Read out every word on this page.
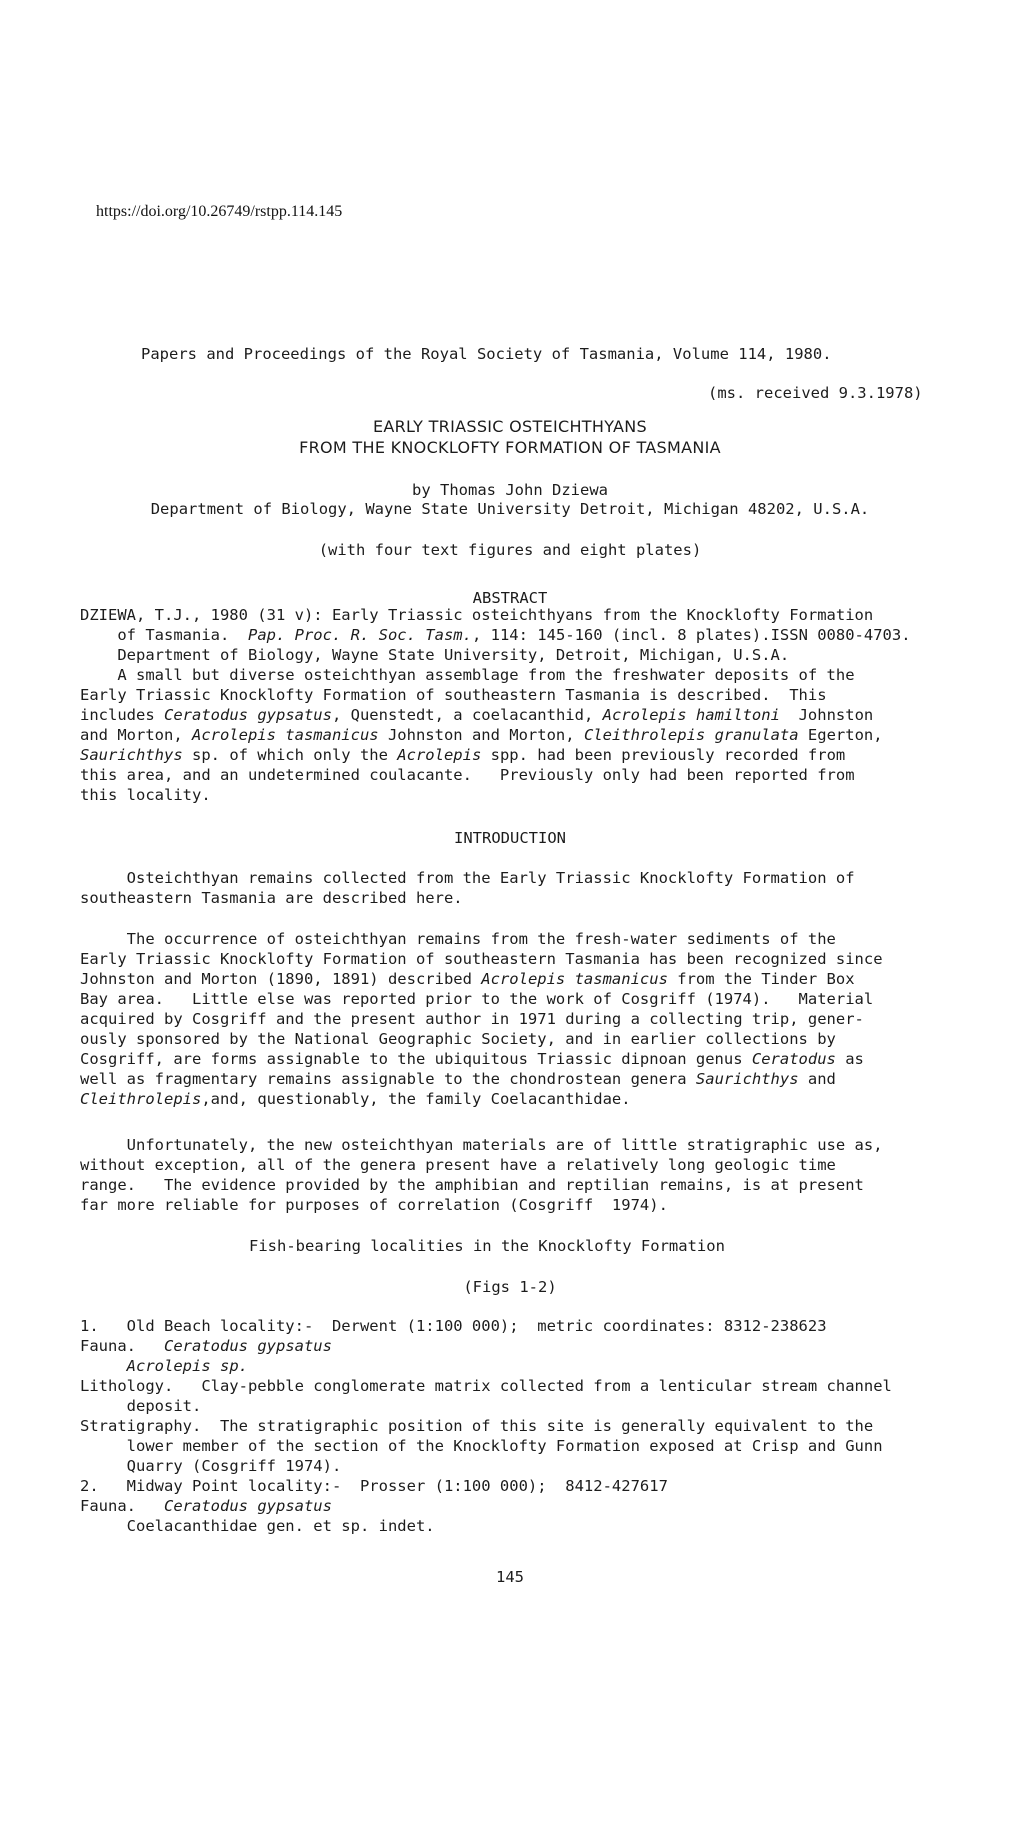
https://doi.org/10.26749/rstpp.114.145
Papers and Proceedings of the Royal Society of Tasmania, Volume 114, 1980.
(ms. received 9.3.1978)
EARLY TRIASSIC OSTEICHTHYANS
FROM THE KNOCKLOFTY FORMATION OF TASMANIA
by Thomas John Dziewa
Department of Biology, Wayne State University Detroit, Michigan 48202, U.S.A.
(with four text figures and eight plates)
ABSTRACT
DZIEWA, T.J., 1980 (31 v): Early Triassic osteichthyans from the Knocklofty Formation
of Tasmania.  Pap. Proc. R. Soc. Tasm., 114: 145-160 (incl. 8 plates).ISSN 0080-4703.
Department of Biology, Wayne State University, Detroit, Michigan, U.S.A.
A small but diverse osteichthyan assemblage from the freshwater deposits of the
Early Triassic Knocklofty Formation of southeastern Tasmania is described.  This
includes Ceratodus gypsatus, Quenstedt, a coelacanthid, Acrolepis hamiltoni  Johnston
and Morton, Acrolepis tasmanicus Johnston and Morton, Cleithrolepis granulata Egerton,
Saurichthys sp. of which only the Acrolepis spp. had been previously recorded from
this area, and an undetermined coulacante.   Previously only had been reported from
this locality.
INTRODUCTION
Osteichthyan remains collected from the Early Triassic Knocklofty Formation of
southeastern Tasmania are described here.
The occurrence of osteichthyan remains from the fresh-water sediments of the
Early Triassic Knocklofty Formation of southeastern Tasmania has been recognized since
Johnston and Morton (1890, 1891) described Acrolepis tasmanicus from the Tinder Box
Bay area.   Little else was reported prior to the work of Cosgriff (1974).   Material
acquired by Cosgriff and the present author in 1971 during a collecting trip, gener-
ously sponsored by the National Geographic Society, and in earlier collections by
Cosgriff, are forms assignable to the ubiquitous Triassic dipnoan genus Ceratodus as
well as fragmentary remains assignable to the chondrostean genera Saurichthys and
Cleithrolepis,and, questionably, the family Coelacanthidae.
Unfortunately, the new osteichthyan materials are of little stratigraphic use as,
without exception, all of the genera present have a relatively long geologic time
range.   The evidence provided by the amphibian and reptilian remains, is at present
far more reliable for purposes of correlation (Cosgriff  1974).
Fish-bearing localities in the Knocklofty Formation
(Figs 1-2)
1.   Old Beach locality:-  Derwent (1:100 000);  metric coordinates: 8312-238623
Fauna.   Ceratodus gypsatus
Acrolepis sp.
Lithology.   Clay-pebble conglomerate matrix collected from a lenticular stream channel
deposit.
Stratigraphy.  The stratigraphic position of this site is generally equivalent to the
lower member of the section of the Knocklofty Formation exposed at Crisp and Gunn
Quarry (Cosgriff 1974).
2.   Midway Point locality:-  Prosser (1:100 000);  8412-427617
Fauna.   Ceratodus gypsatus
Coelacanthidae gen. et sp. indet.
145
